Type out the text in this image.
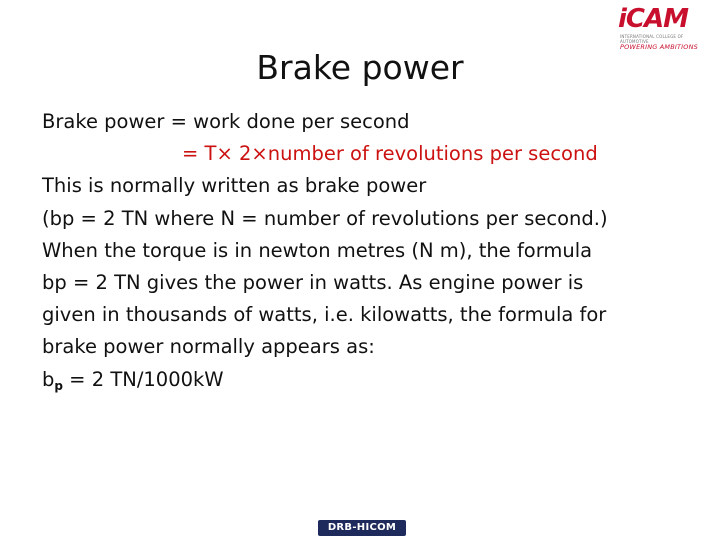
iCAM
INTERNATIONAL COLLEGE OF AUTOMOTIVE
POWERING AMBITIONS
Brake power
Brake power = work done per second
= T× 2×number of revolutions per second
This is normally written as brake power
(bp = 2 TN where N = number of revolutions per second.)
When the torque is in newton metres (N m), the formula
bp = 2 TN gives the power in watts. As engine power is
given in thousands of watts, i.e. kilowatts, the formula for
brake power normally appears as:
$b_p = 2$ TN/1000kW
DRB-HICOM
